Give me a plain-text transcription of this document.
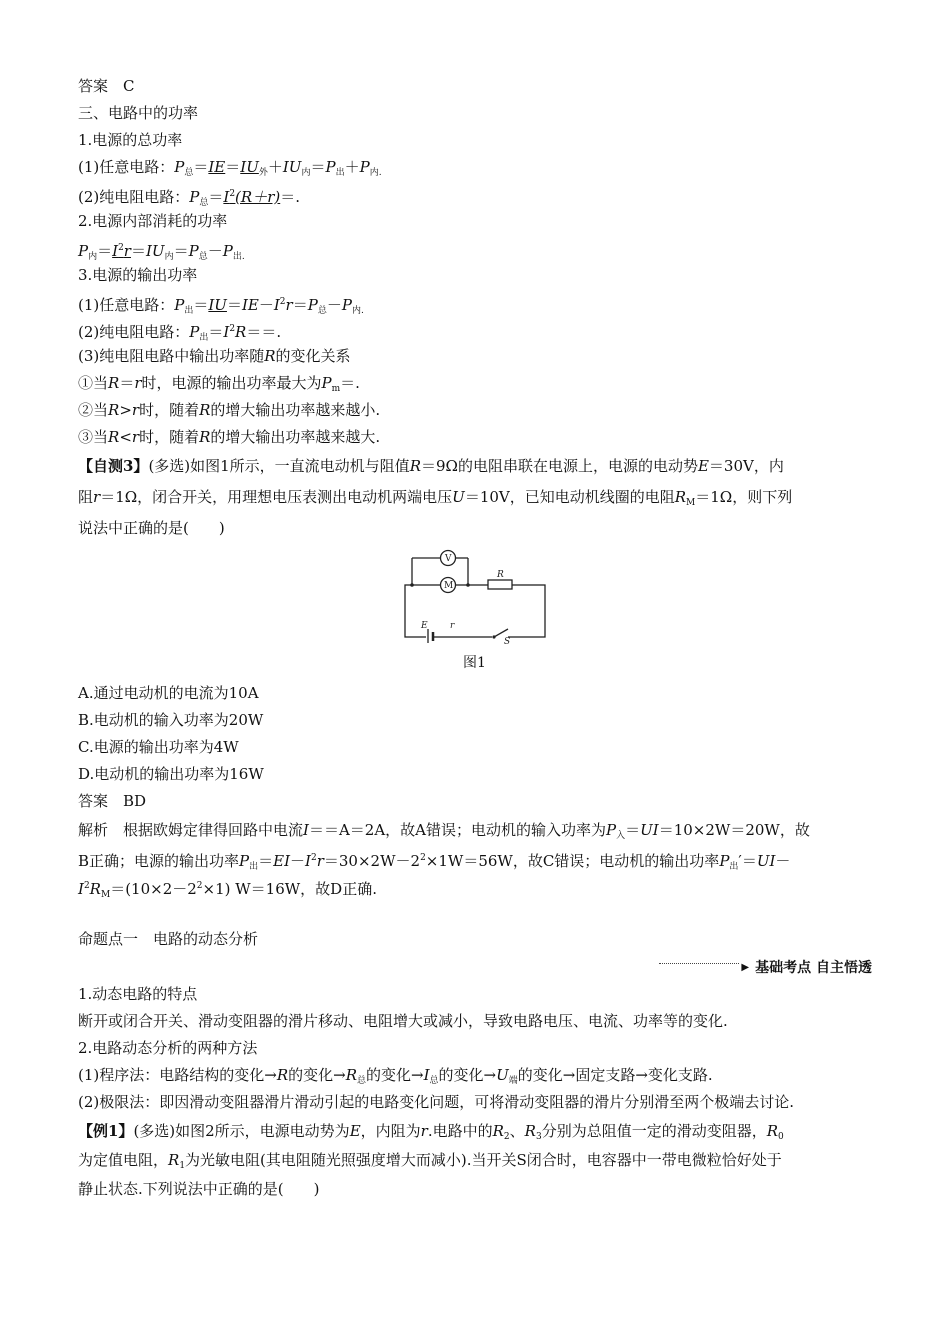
答案　C
三、电路中的功率
1.电源的总功率
(1)任意电路：$P_总=IE=IU_外+IU_内=P_出+P_{内.}$
(2)纯电阻电路：$P_总=I^2(R+r)=$.
2.电源内部消耗的功率
$P_内=I^2r=IU_内=P_总-P_{出.}$
3.电源的输出功率
(1)任意电路：$P_出=IU=IE-I^2r=P_总-P_{内.}$
(2)纯电阻电路：$P_出=I^2R==$.
(3)纯电阻电路中输出功率随R的变化关系
①当R＝r时，电源的输出功率最大为$P_m=$.
②当R>r时，随着R的增大输出功率越来越小.
③当R<r时，随着R的增大输出功率越来越大.
【自测3】(多选)如图1所示，一直流电动机与阻值R＝9Ω的电阻串联在电源上，电源的电动势E＝30V，内
阻r＝1Ω，闭合开关，用理想电压表测出电动机两端电压U＝10V，已知电动机线圈的电阻$R_M=1\Omega$，则下列
说法中正确的是(　　)
V
M
R
E r
S
图1
A.通过电动机的电流为10A
B.电动机的输入功率为20W
C.电源的输出功率为4W
D.电动机的输出功率为16W
答案　BD
解析　根据欧姆定律得回路中电流I＝＝A＝2A，故A错误；电动机的输入功率为$P_入=UI=10\times 2W=20W$，故
B正确；电源的输出功率$P_出=EI-I^2r=30\times 2W-2^2\times 1W=56W$，故C错误；电动机的输出功率$P_出'=UI-$
$I^2R_M=(10\times 2-2^2\times 1)$ W＝16W，故D正确.
命题点一　电路的动态分析
▶ 基础考点 自主悟透
1.动态电路的特点
断开或闭合开关、滑动变阻器的滑片移动、电阻增大或减小，导致电路电压、电流、功率等的变化.
2.电路动态分析的两种方法
(1)程序法：电路结构的变化→R的变化$\to R_总$的变化$\to I_总$的变化$\to U_端$的变化→固定支路→变化支路.
(2)极限法：即因滑动变阻器滑片滑动引起的电路变化问题，可将滑动变阻器的滑片分别滑至两个极端去讨论.
【例1】(多选)如图2所示，电源电动势为E，内阻为r.电路中的$R_2$、$R_3$分别为总阻值一定的滑动变阻器，$R_0$
为定值电阻，$R_1$为光敏电阻(其电阻随光照强度增大而减小).当开关S闭合时，电容器中一带电微粒恰好处于
静止状态.下列说法中正确的是(　　)
